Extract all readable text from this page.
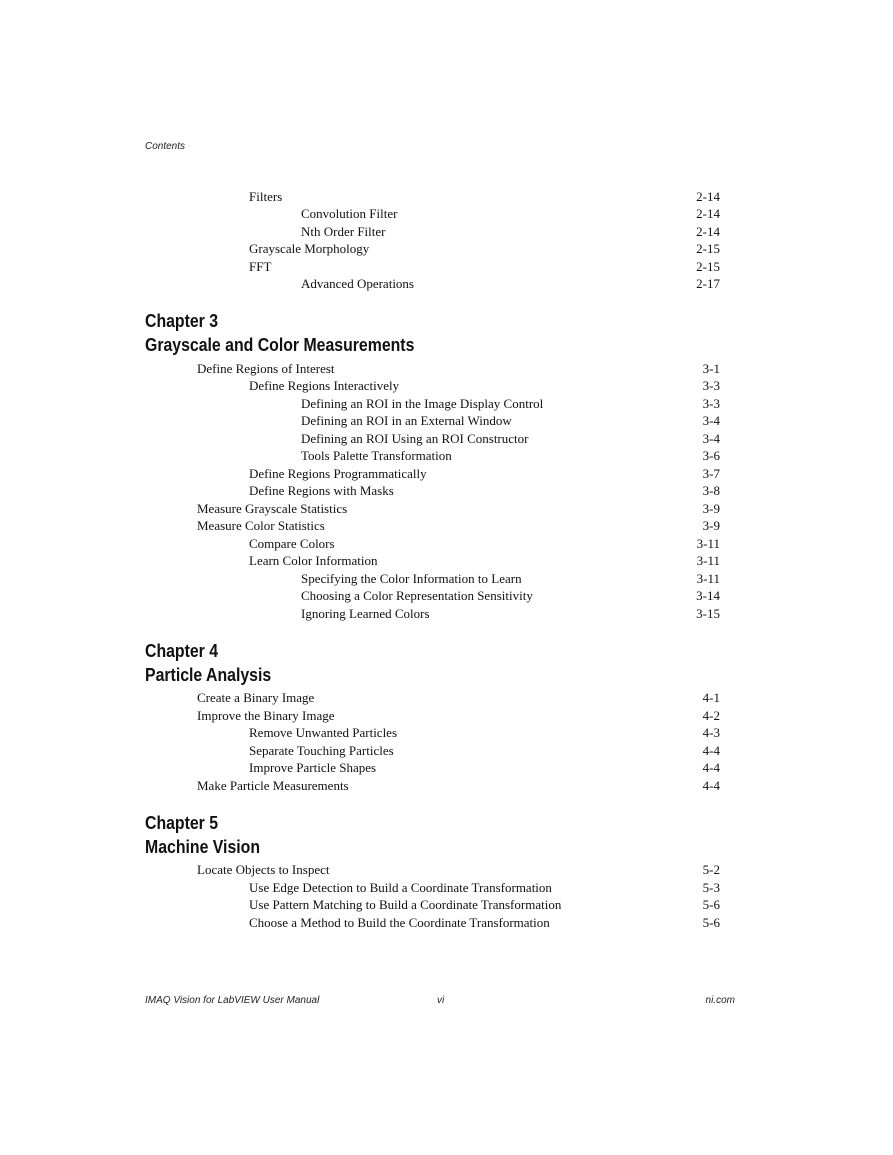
Contents
Filters	2-14
Convolution Filter	2-14
Nth Order Filter	2-14
Grayscale Morphology	2-15
FFT	2-15
Advanced Operations	2-17
Chapter 3
Grayscale and Color Measurements
Define Regions of Interest	3-1
Define Regions Interactively	3-3
Defining an ROI in the Image Display Control	3-3
Defining an ROI in an External Window	3-4
Defining an ROI Using an ROI Constructor	3-4
Tools Palette Transformation	3-6
Define Regions Programmatically	3-7
Define Regions with Masks	3-8
Measure Grayscale Statistics	3-9
Measure Color Statistics	3-9
Compare Colors	3-11
Learn Color Information	3-11
Specifying the Color Information to Learn	3-11
Choosing a Color Representation Sensitivity	3-14
Ignoring Learned Colors	3-15
Chapter 4
Particle Analysis
Create a Binary Image	4-1
Improve the Binary Image	4-2
Remove Unwanted Particles	4-3
Separate Touching Particles	4-4
Improve Particle Shapes	4-4
Make Particle Measurements	4-4
Chapter 5
Machine Vision
Locate Objects to Inspect	5-2
Use Edge Detection to Build a Coordinate Transformation	5-3
Use Pattern Matching to Build a Coordinate Transformation	5-6
Choose a Method to Build the Coordinate Transformation	5-6
IMAQ Vision for LabVIEW User Manual	vi	ni.com
